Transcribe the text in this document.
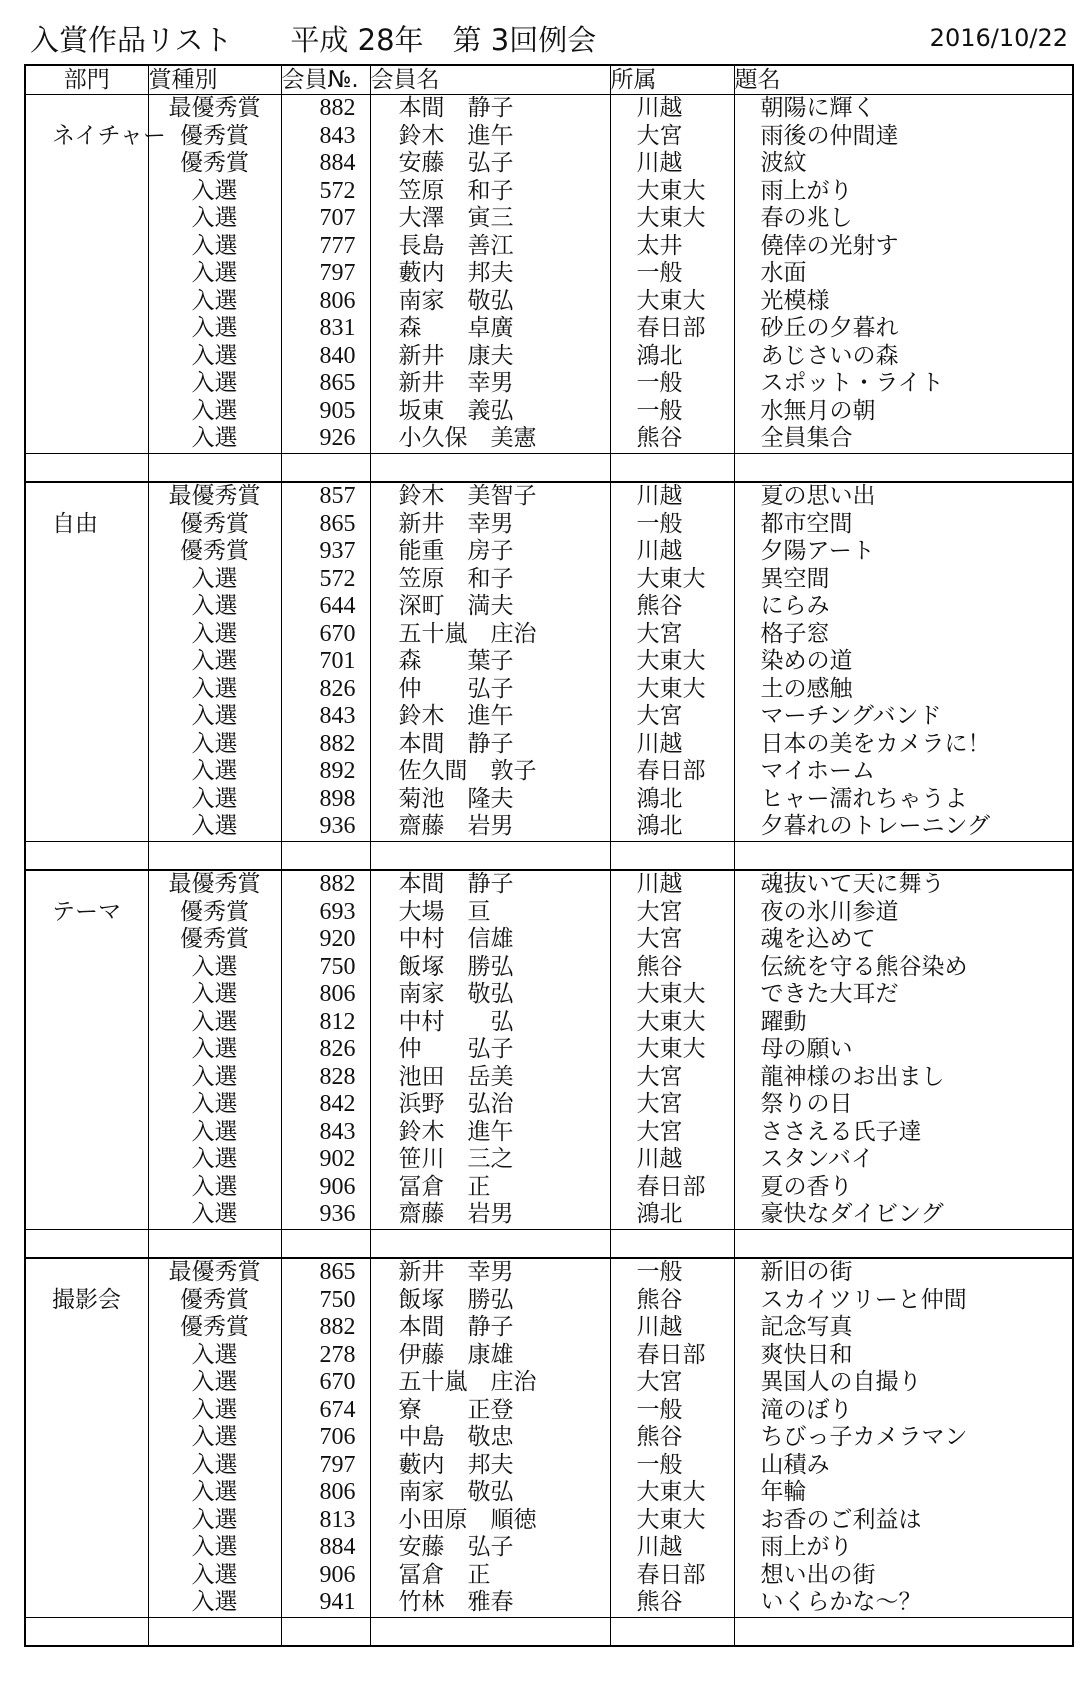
入賞作品リスト　　平成 28年　第 3回例会	2016/10/22
部門	賞種別	会員№.	会員名	所属	題名
	最優秀賞	882	本間　静子	川越	朝陽に輝く
ネイチャー	優秀賞	843	鈴木　進午	大宮	雨後の仲間達
	優秀賞	884	安藤　弘子	川越	波紋
	入選	572	笠原　和子	大東大	雨上がり
	入選	707	大澤　寅三	大東大	春の兆し
	入選	777	長島　善江	太井	僥倖の光射す
	入選	797	藪内　邦夫	一般	水面
	入選	806	南家　敬弘	大東大	光模様
	入選	831	森　　卓廣	春日部	砂丘の夕暮れ
	入選	840	新井　康夫	鴻北	あじさいの森
	入選	865	新井　幸男	一般	スポット・ライト
	入選	905	坂東　義弘	一般	水無月の朝
	入選	926	小久保　美憲	熊谷	全員集合

	最優秀賞	857	鈴木　美智子	川越	夏の思い出
自由	優秀賞	865	新井　幸男	一般	都市空間
	優秀賞	937	能重　房子	川越	夕陽アート
	入選	572	笠原　和子	大東大	異空間
	入選	644	深町　満夫	熊谷	にらみ
	入選	670	五十嵐　庄治	大宮	格子窓
	入選	701	森　　葉子	大東大	染めの道
	入選	826	仲　　弘子	大東大	土の感触
	入選	843	鈴木　進午	大宮	マーチングバンド
	入選	882	本間　静子	川越	日本の美をカメラに！
	入選	892	佐久間　敦子	春日部	マイホーム
	入選	898	菊池　隆夫	鴻北	ヒャー濡れちゃうよ
	入選	936	齋藤　岩男	鴻北	夕暮れのトレーニング

	最優秀賞	882	本間　静子	川越	魂抜いて天に舞う
テーマ	優秀賞	693	大場　亘	大宮	夜の氷川参道
	優秀賞	920	中村　信雄	大宮	魂を込めて
	入選	750	飯塚　勝弘	熊谷	伝統を守る熊谷染め
	入選	806	南家　敬弘	大東大	できた大耳だ
	入選	812	中村　　弘	大東大	躍動
	入選	826	仲　　弘子	大東大	母の願い
	入選	828	池田　岳美	大宮	龍神様のお出まし
	入選	842	浜野　弘治	大宮	祭りの日
	入選	843	鈴木　進午	大宮	ささえる氏子達
	入選	902	笹川　三之	川越	スタンバイ
	入選	906	冨倉　正	春日部	夏の香り
	入選	936	齋藤　岩男	鴻北	豪快なダイビング

	最優秀賞	865	新井　幸男	一般	新旧の街
撮影会	優秀賞	750	飯塚　勝弘	熊谷	スカイツリーと仲間
	優秀賞	882	本間　静子	川越	記念写真
	入選	278	伊藤　康雄	春日部	爽快日和
	入選	670	五十嵐　庄治	大宮	異国人の自撮り
	入選	674	寮　　正登	一般	滝のぼり
	入選	706	中島　敬忠	熊谷	ちびっ子カメラマン
	入選	797	藪内　邦夫	一般	山積み
	入選	806	南家　敬弘	大東大	年輪
	入選	813	小田原　順徳	大東大	お香のご利益は
	入選	884	安藤　弘子	川越	雨上がり
	入選	906	冨倉　正	春日部	想い出の街
	入選	941	竹林　雅春	熊谷	いくらかな～？
